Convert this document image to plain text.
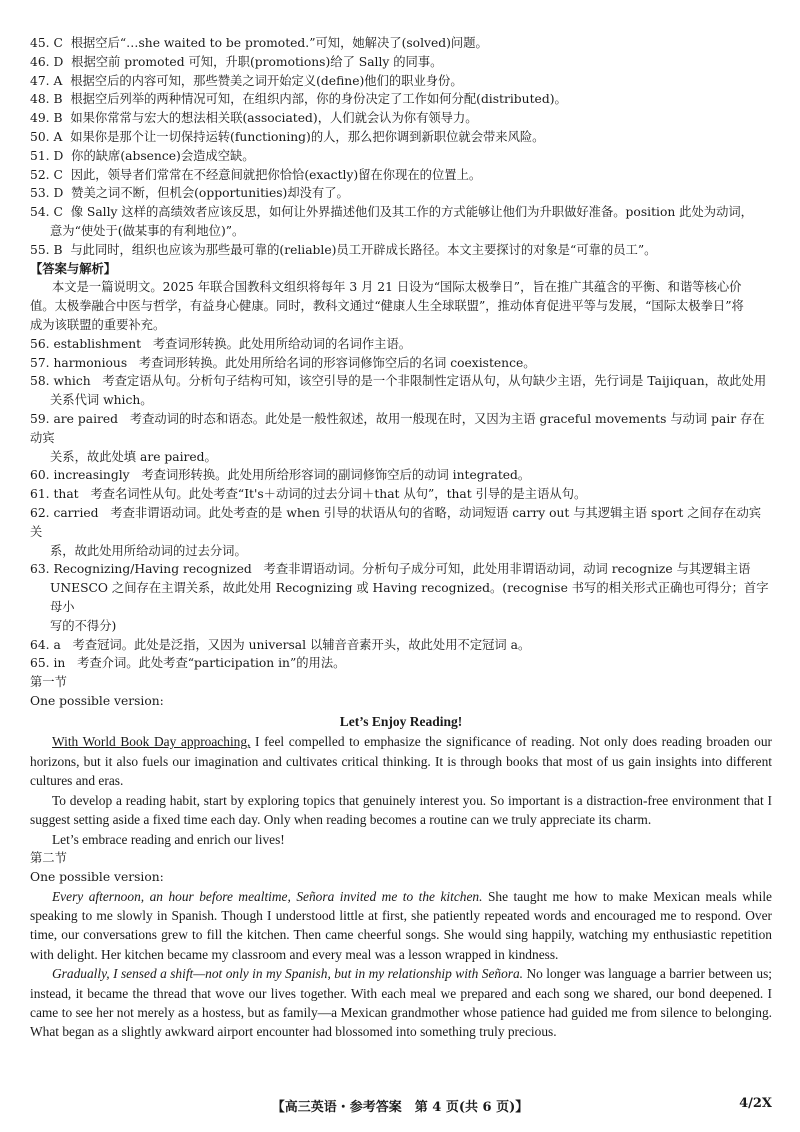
45. C 根据空后“…she waited to be promoted.”可知，她解决了(solved)问题。

46. D 根据空前 promoted 可知，升职(promotions)给了 Sally 的同事。

47. A 根据空后的内容可知，那些赞美之词开始定义(define)他们的职业身份。

48. B 根据空后列举的两种情况可知，在组织内部，你的身份决定了工作如何分配(distributed)。

49. B 如果你常常与宏大的想法相关联(associated)，人们就会认为你有领导力。

50. A 如果你是那个让一切保持运转(functioning)的人，那么把你调到新职位就会带来风险。

51. D 你的缺席(absence)会造成空缺。

52. C 因此，领导者们常常在不经意间就把你恰恰(exactly)留在你现在的位置上。

53. D 赞美之词不断，但机会(opportunities)却没有了。

54. C 像 Sally 这样的高绩效者应该反思，如何让外界描述他们及其工作的方式能够让他们为升职做好准备。position 此处为动词，

意为“使处于(做某事的有利地位)”。

55. B 与此同时，组织也应该为那些最可靠的(reliable)员工开辟成长路径。本文主要探讨的对象是“可靠的员工”。

【答案与解析】

本文是一篇说明文。2025 年联合国教科文组织将每年 3 月 21 日设为“国际太极拳日”，旨在推广其蕴含的平衡、和谐等核心价

值。太极拳融合中医与哲学，有益身心健康。同时，教科文通过“健康人生全球联盟”，推动体育促进平等与发展，“国际太极拳日”将

成为该联盟的重要补充。

56. establishment 考查词形转换。此处用所给动词的名词作主语。

57. harmonious 考查词形转换。此处用所给名词的形容词修饰空后的名词 coexistence。

58. which 考查定语从句。分析句子结构可知，该空引导的是一个非限制性定语从句，从句缺少主语，先行词是 Taijiquan，故此处用

关系代词 which。

59. are paired 考查动词的时态和语态。此处是一般性叙述，故用一般现在时，又因为主语 graceful movements 与动词 pair 存在动宾

关系，故此处填 are paired。

60. increasingly 考查词形转换。此处用所给形容词的副词修饰空后的动词 integrated。

61. that 考查名词性从句。此处考查“It's＋动词的过去分词＋that 从句”，that 引导的是主语从句。

62. carried 考查非谓语动词。此处考查的是 when 引导的状语从句的省略，动词短语 carry out 与其逻辑主语 sport 之间存在动宾关

系，故此处用所给动词的过去分词。

63. Recognizing/Having recognized 考查非谓语动词。分析句子成分可知，此处用非谓语动词，动词 recognize 与其逻辑主语

UNESCO 之间存在主谓关系，故此处用 Recognizing 或 Having recognized。(recognise 书写的相关形式正确也可得分；首字母小

写的不得分)

64. a 考查冠词。此处是泛指，又因为 universal 以辅音音素开头，故此处用不定冠词 a。

65. in 考查介词。此处考查“participation in”的用法。

第一节

One possible version:

Let’s Enjoy Reading!

With World Book Day approaching, I feel compelled to emphasize the significance of reading. Not only does reading broaden our horizons, but it also fuels our imagination and cultivates critical thinking. It is through books that most of us gain insights into different cultures and eras.

To develop a reading habit, start by exploring topics that genuinely interest you. So important is a distraction-free environment that I suggest setting aside a fixed time each day. Only when reading becomes a routine can we truly appreciate its charm.

Let’s embrace reading and enrich our lives!

第二节

One possible version:

Every afternoon, an hour before mealtime, Señora invited me to the kitchen. She taught me how to make Mexican meals while speaking to me slowly in Spanish. Though I understood little at first, she patiently repeated words and encouraged me to respond. Over time, our conversations grew to fill the kitchen. Then came cheerful songs. She would sing happily, watching my enthusiastic repetition with delight. Her kitchen became my classroom and every meal was a lesson wrapped in kindness.

Gradually, I sensed a shift—not only in my Spanish, but in my relationship with Señora. No longer was language a barrier between us; instead, it became the thread that wove our lives together. With each meal we prepared and each song we shared, our bond deepened. I came to see her not merely as a hostess, but as family—a Mexican grandmother whose patience had guided me from silence to belonging. What began as a slightly awkward airport encounter had blossomed into something truly precious.

【高三英语・参考答案　第 4 页(共 6 页)】	4/2X
